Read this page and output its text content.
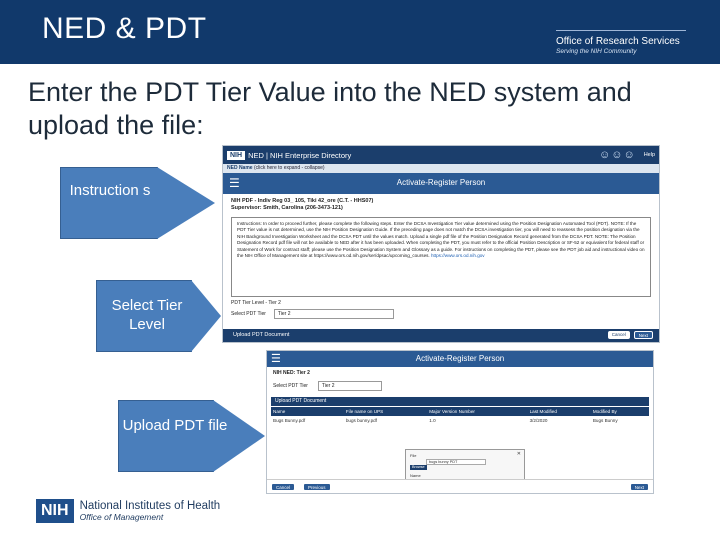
NED & PDT	Office of Research Services
Serving the NIH Community
Enter the PDT Tier Value into the NED system and upload the file:
Instruction s
Select Tier Level
Upload PDT file
NIH NED | NIH Enterprise Directory	☺☺☺ Help
NED Name (click here to expand - collapse)
☰	Activate-Register Person
NIH PDF - Indiv Reg 03_ 105, Tiki 42_ore (C.T. - HHS07)
Supervisor: Smith, Carolina (206-3473-121)
Instructions: In order to proceed further, please complete the following steps. Enter the DCSA Investigation Tier value determined using the Position Designation Automated Tool (PDT). NOTE: If the PDT Tier value is not determined, use the NIH Position Designation Guide. If the preceding page does not match the DCSA investigation tier, you will need to reassess the position designation via the NIH Background Investigation Worksheet and the DCSA PDT until the values match. Upload a single pdf file of the Position Designation Record generated from the DCSA PDT. NOTE: The Position Designation Record pdf file will not be available to NED after it has been uploaded. When completing the PDT, you must refer to the official Position Description or SF-52 or equivalent for federal staff or Statement of Work for contract staff; please use the Position Designation System and Glossary as a guide. For instructions on completing the PDT, please see the PDT job aid and instructional video on the NIH Office of Management site at https://www.ors.od.nih.gov/ser/dpsac/upcoming_courses. https://www.ors.od.nih.gov
PDT Tier Level - Tier 2
Select PDT Tier	Tier 2
Upload PDT Document	Cancel	Next
☰	Activate-Register Person
NIH NED: Tier 2
Select PDT Tier	Tier 2
Upload PDT Document
Name	File name on UPS	Major Version Number	Last Modified	Modified By
Bugs Bunny.pdf	bugs bunny.pdf	1.0	3/2/2020	Bugs Bunny
✕
File
Browse
bugs bunny PDT
Name
Cancel	Previous	Next
NIH National Institutes of Health
Office of Management
